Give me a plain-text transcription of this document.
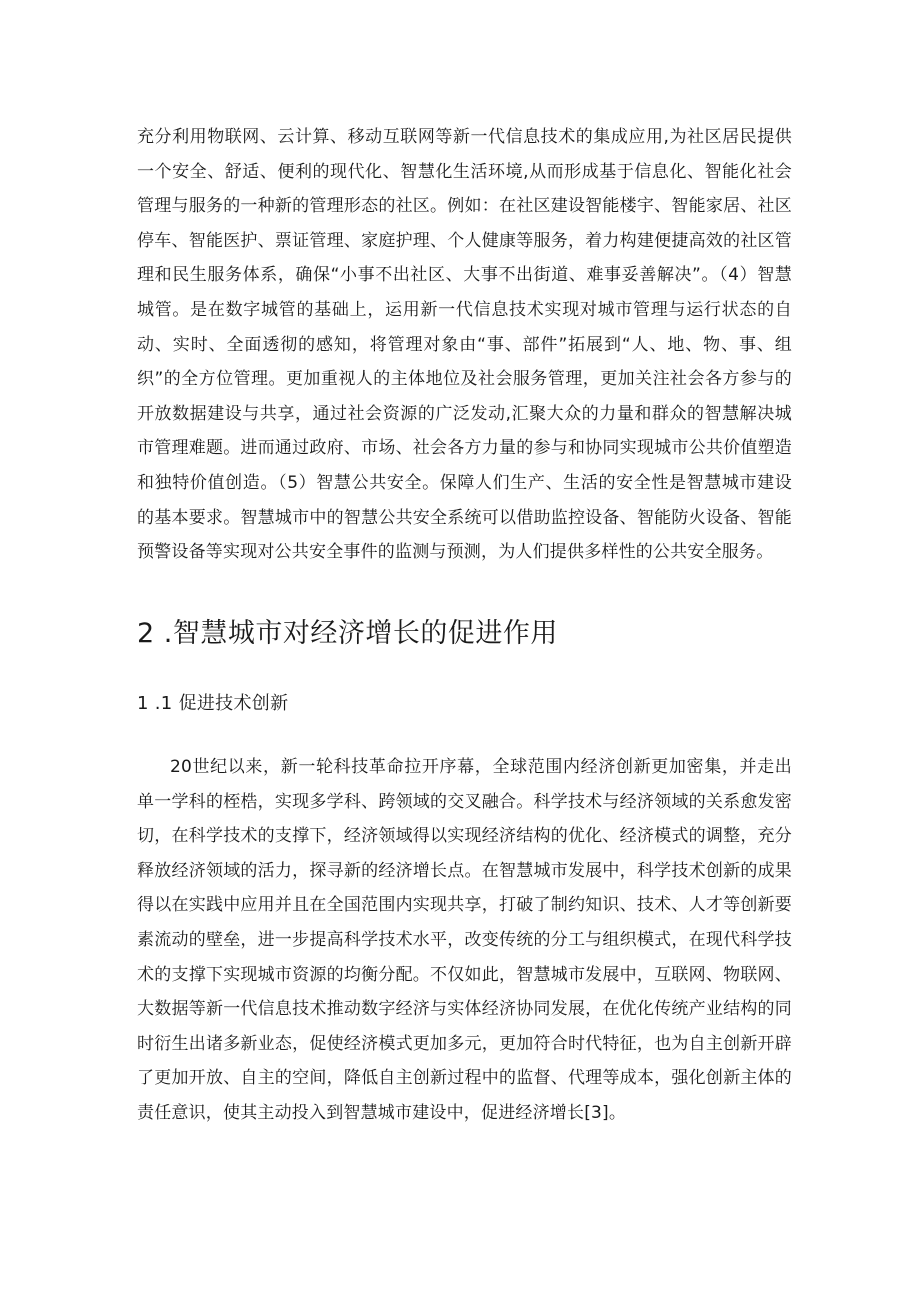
充分利用物联网、云计算、移动互联网等新一代信息技术的集成应用,为社区居民提供一个安全、舒适、便利的现代化、智慧化生活环境,从而形成基于信息化、智能化社会管理与服务的一种新的管理形态的社区。例如：在社区建设智能楼宇、智能家居、社区停车、智能医护、票证管理、家庭护理、个人健康等服务，着力构建便捷高效的社区管理和民生服务体系，确保“小事不出社区、大事不出街道、难事妥善解决”。（4）智慧城管。是在数字城管的基础上，运用新一代信息技术实现对城市管理与运行状态的自动、实时、全面透彻的感知，将管理对象由“事、部件”拓展到“人、地、物、事、组织”的全方位管理。更加重视人的主体地位及社会服务管理，更加关注社会各方参与的开放数据建设与共享，通过社会资源的广泛发动,汇聚大众的力量和群众的智慧解决城市管理难题。进而通过政府、市场、社会各方力量的参与和协同实现城市公共价值塑造和独特价值创造。（5）智慧公共安全。保障人们生产、生活的安全性是智慧城市建设的基本要求。智慧城市中的智慧公共安全系统可以借助监控设备、智能防火设备、智能预警设备等实现对公共安全事件的监测与预测，为人们提供多样性的公共安全服务。

2 .智慧城市对经济增长的促进作用
1 .1 促进技术创新

20世纪以来，新一轮科技革命拉开序幕，全球范围内经济创新更加密集，并走出单一学科的桎梏，实现多学科、跨领域的交叉融合。科学技术与经济领域的关系愈发密切，在科学技术的支撑下，经济领域得以实现经济结构的优化、经济模式的调整，充分释放经济领域的活力，探寻新的经济增长点。在智慧城市发展中，科学技术创新的成果得以在实践中应用并且在全国范围内实现共享，打破了制约知识、技术、人才等创新要素流动的壁垒，进一步提高科学技术水平，改变传统的分工与组织模式，在现代科学技术的支撑下实现城市资源的均衡分配。不仅如此，智慧城市发展中，互联网、物联网、大数据等新一代信息技术推动数字经济与实体经济协同发展，在优化传统产业结构的同时衍生出诸多新业态，促使经济模式更加多元，更加符合时代特征，也为自主创新开辟了更加开放、自主的空间，降低自主创新过程中的监督、代理等成本，强化创新主体的责任意识，使其主动投入到智慧城市建设中，促进经济增长[3]。
